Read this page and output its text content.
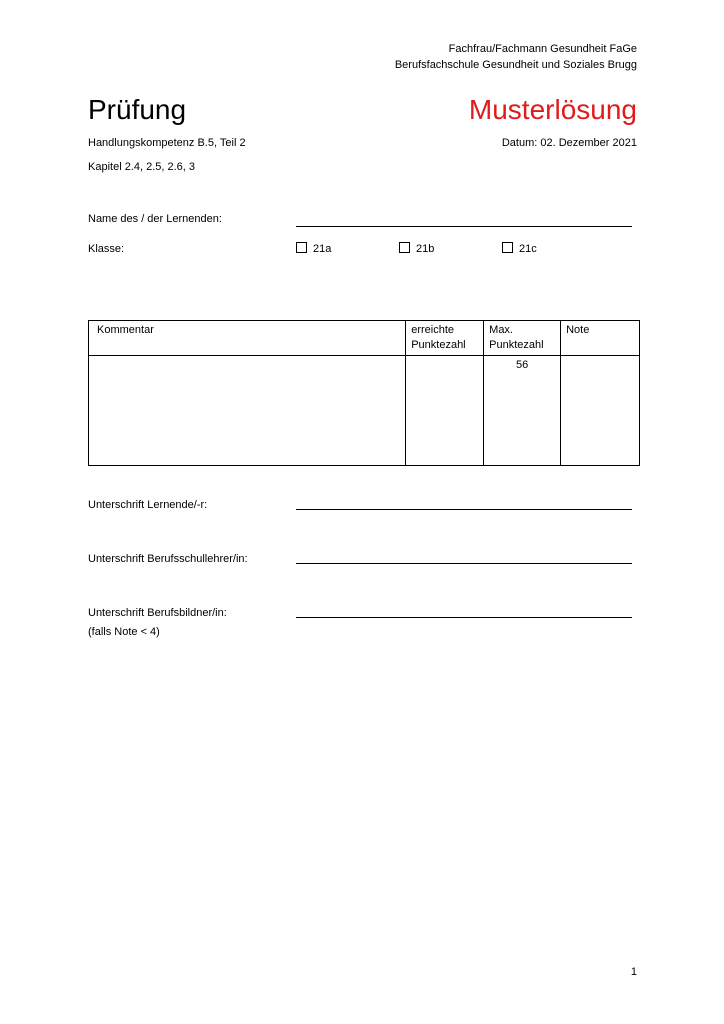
Fachfrau/Fachmann Gesundheit FaGe
Berufsfachschule Gesundheit und Soziales Brugg
Prüfung	Musterlösung
Handlungskompetenz B.5, Teil 2	Datum: 02. Dezember 2021
Kapitel 2.4, 2.5, 2.6, 3
Name des / der Lernenden:
Klasse:	21a	21b	21c
Kommentar	erreichte Punktezahl	Max. Punktezahl	Note
		56	
Unterschrift Lernende/-r:
Unterschrift Berufsschullehrer/in:
Unterschrift Berufsbildner/in:
(falls Note < 4)
1
